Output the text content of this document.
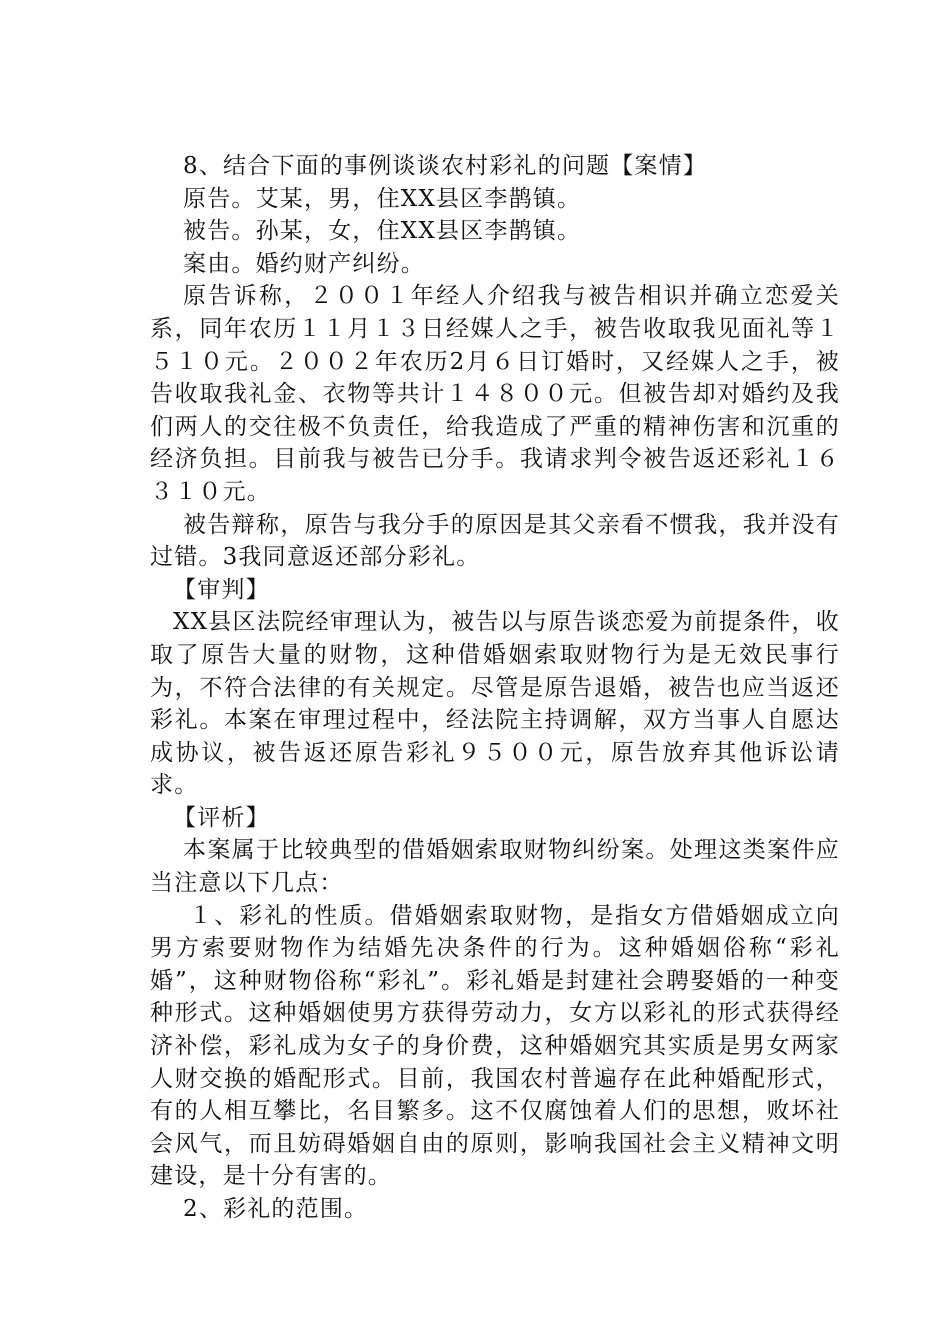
8、结合下面的事例谈谈农村彩礼的问题【案情】

原告。艾某，男，住XX县区李鹊镇。

被告。孙某，女，住XX县区李鹊镇。

案由。婚约财产纠纷。

原告诉称，２００１年经人介绍我与被告相识并确立恋爱关系，同年农历１１月１３日经媒人之手，被告收取我见面礼等１５１０元。２００２年农历2月６日订婚时，又经媒人之手，被告收取我礼金、衣物等共计１４８００元。但被告却对婚约及我们两人的交往极不负责任，给我造成了严重的精神伤害和沉重的经济负担。目前我与被告已分手。我请求判令被告返还彩礼１６３１０元。

被告辩称，原告与我分手的原因是其父亲看不惯我，我并没有过错。3我同意返还部分彩礼。

【审判】

XX县区法院经审理认为，被告以与原告谈恋爱为前提条件，收取了原告大量的财物，这种借婚姻索取财物行为是无效民事行为，不符合法律的有关规定。尽管是原告退婚，被告也应当返还彩礼。本案在审理过程中，经法院主持调解，双方当事人自愿达成协议，被告返还原告彩礼９５００元，原告放弃其他诉讼请求。

【评析】

本案属于比较典型的借婚姻索取财物纠纷案。处理这类案件应当注意以下几点：

１、彩礼的性质。借婚姻索取财物，是指女方借婚姻成立向男方索要财物作为结婚先决条件的行为。这种婚姻俗称“彩礼婚”，这种财物俗称“彩礼”。彩礼婚是封建社会聘娶婚的一种变种形式。这种婚姻使男方获得劳动力，女方以彩礼的形式获得经济补偿，彩礼成为女子的身价费，这种婚姻究其实质是男女两家人财交换的婚配形式。目前，我国农村普遍存在此种婚配形式，有的人相互攀比，名目繁多。这不仅腐蚀着人们的思想，败坏社会风气，而且妨碍婚姻自由的原则，影响我国社会主义精神文明建设，是十分有害的。

2、彩礼的范围。
